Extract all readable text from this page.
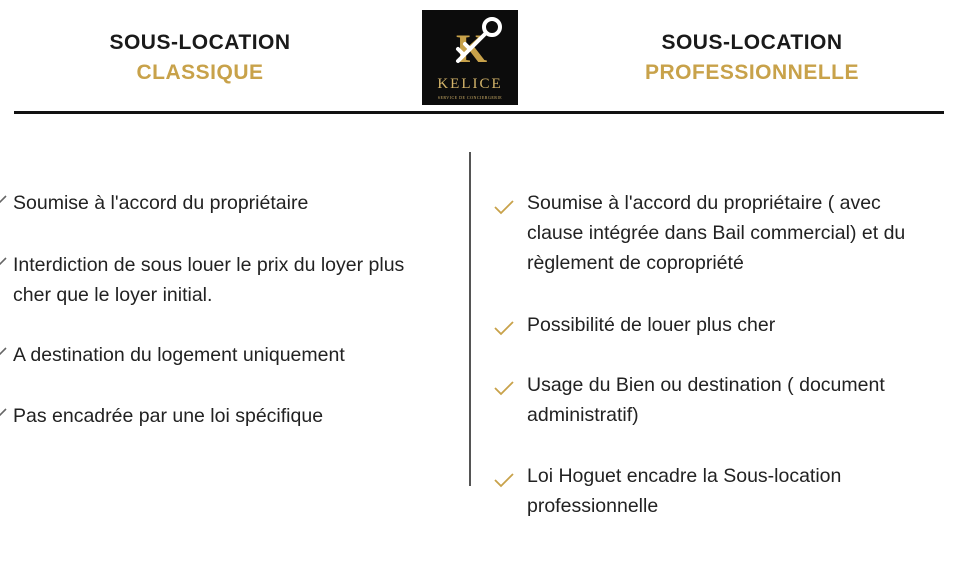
SOUS-LOCATION
CLASSIQUE
SOUS-LOCATION
PROFESSIONNELLE
K
KELICE
SERVICE DE CONCIERGERIE
Soumise à l'accord du propriétaire
Interdiction de sous louer le prix du loyer plus
cher que le loyer initial.
A destination du logement uniquement
Pas encadrée par une loi spécifique
Soumise à l'accord du propriétaire ( avec
clause intégrée dans Bail commercial) et du
règlement de copropriété
Possibilité de louer plus cher
Usage du Bien ou destination ( document
administratif)
Loi Hoguet encadre la Sous-location
professionnelle
